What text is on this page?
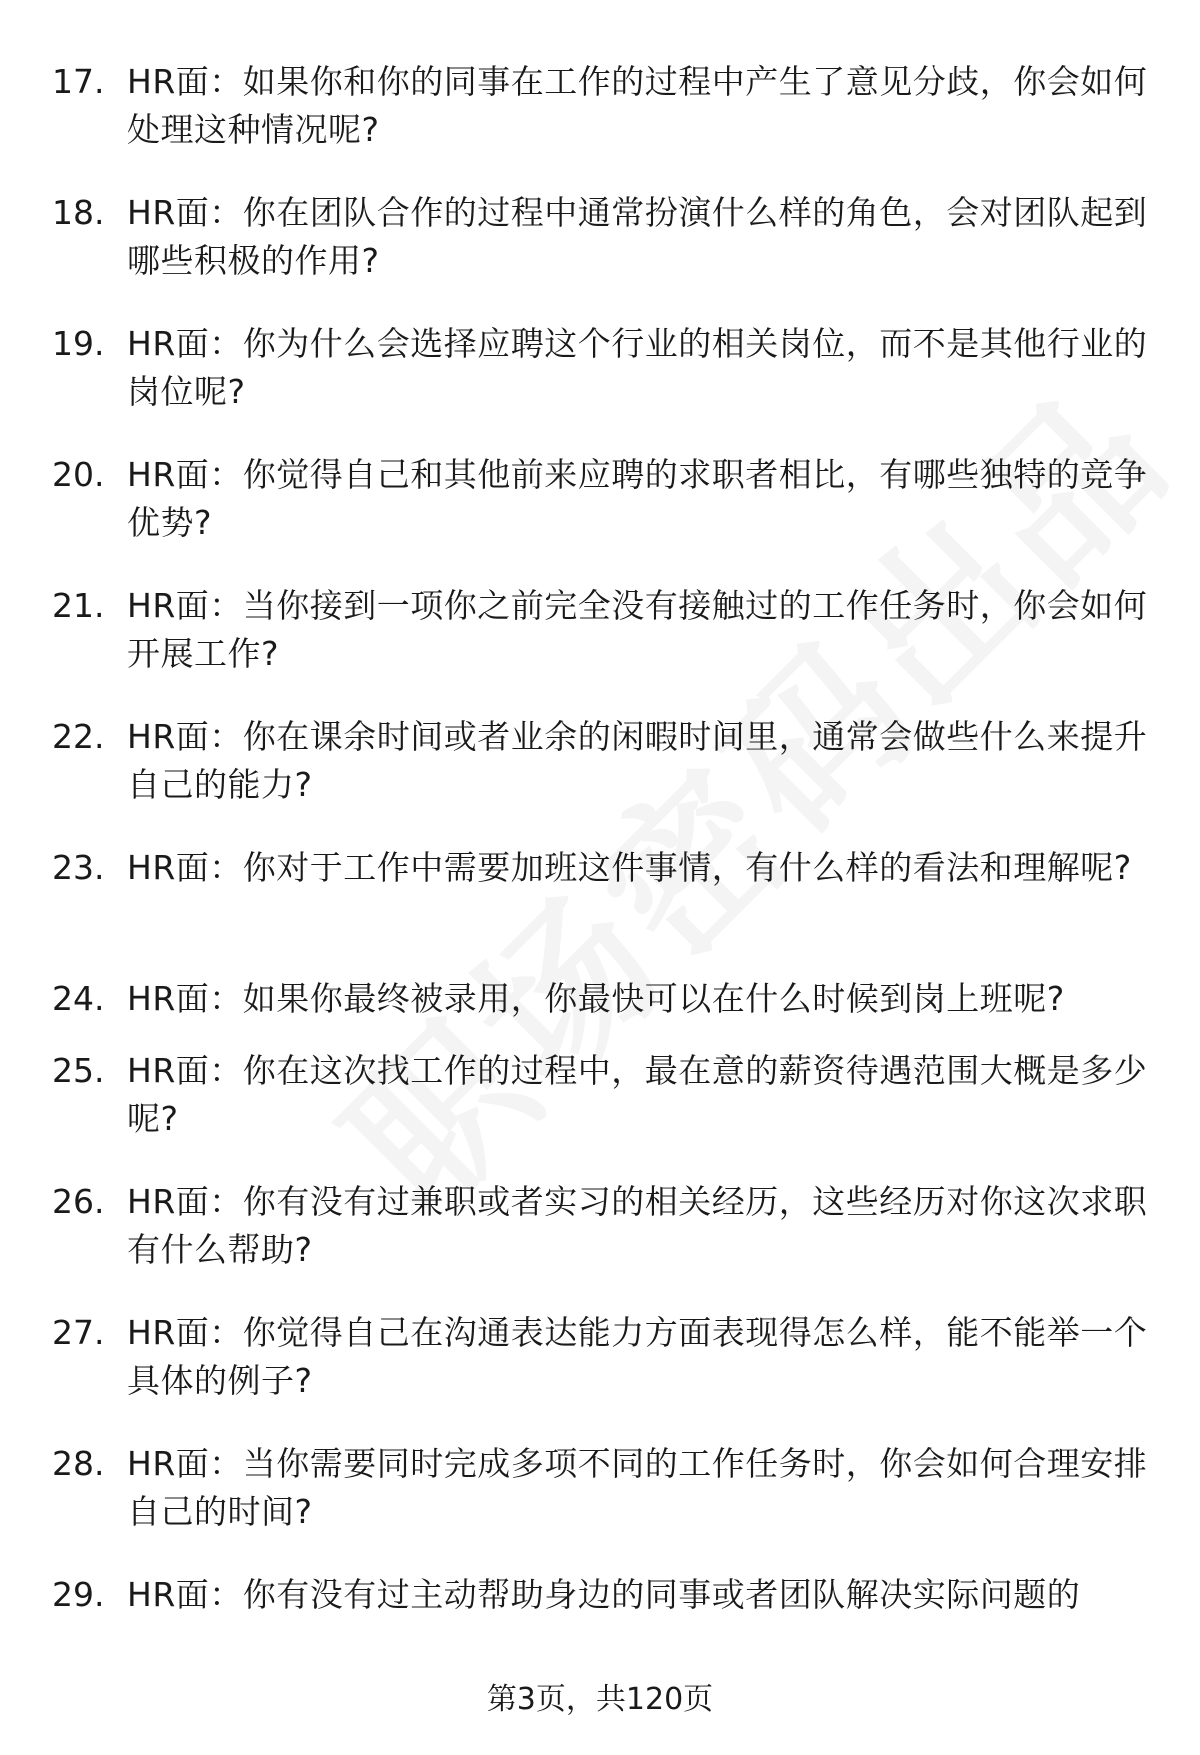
17. HR面：如果你和你的同事在工作的过程中产生了意见分歧，你会如何处理这种情况呢?
18. HR面：你在团队合作的过程中通常扮演什么样的角色，会对团队起到哪些积极的作用?
19. HR面：你为什么会选择应聘这个行业的相关岗位，而不是其他行业的岗位呢?
20. HR面：你觉得自己和其他前来应聘的求职者相比，有哪些独特的竞争优势?
21. HR面：当你接到一项你之前完全没有接触过的工作任务时，你会如何开展工作?
22. HR面：你在课余时间或者业余的闲暇时间里，通常会做些什么来提升自己的能力?
23. HR面：你对于工作中需要加班这件事情，有什么样的看法和理解呢?
24. HR面：如果你最终被录用，你最快可以在什么时候到岗上班呢?
25. HR面：你在这次找工作的过程中，最在意的薪资待遇范围大概是多少呢?
26. HR面：你有没有过兼职或者实习的相关经历，这些经历对你这次求职有什么帮助?
27. HR面：你觉得自己在沟通表达能力方面表现得怎么样，能不能举一个具体的例子?
28. HR面：当你需要同时完成多项不同的工作任务时，你会如何合理安排自己的时间?
29. HR面：你有没有过主动帮助身边的同事或者团队解决实际问题的
第3页，共120页
